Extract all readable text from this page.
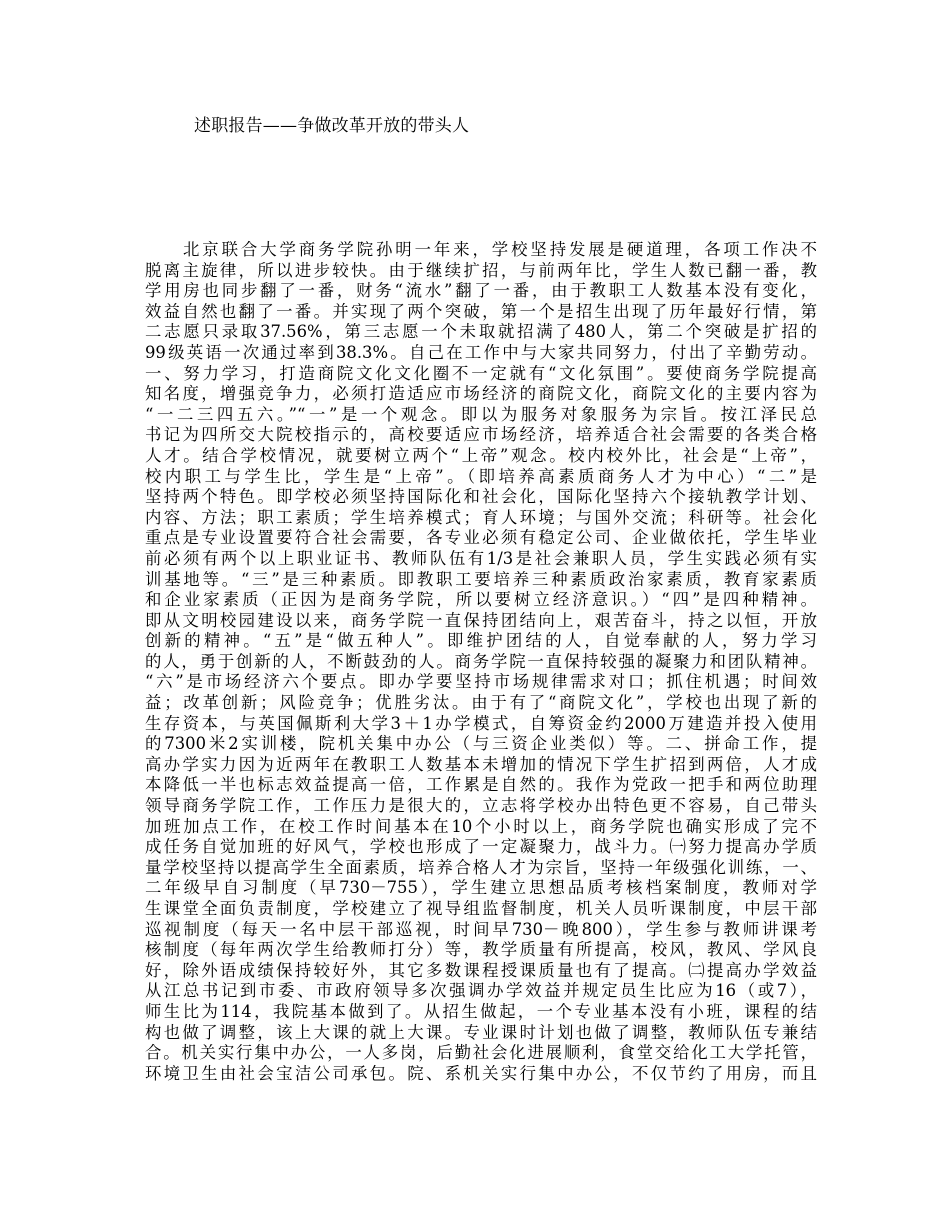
述职报告——争做改革开放的带头人
北京联合大学商务学院孙明一年来，学校坚持发展是硬道理，各项工作决不
脱离主旋律，所以进步较快。由于继续扩招，与前两年比，学生人数已翻一番，教
学用房也同步翻了一番，财务“流水”翻了一番，由于教职工人数基本没有变化，
效益自然也翻了一番。并实现了两个突破，第一个是招生出现了历年最好行情，第
二志愿只录取37.56%，第三志愿一个未取就招满了480人，第二个突破是扩招的
99级英语一次通过率到38.3%。自己在工作中与大家共同努力，付出了辛勤劳动。
一、努力学习，打造商院文化文化圈不一定就有“文化氛围”。要使商务学院提高
知名度，增强竞争力，必须打造适应市场经济的商院文化，商院文化的主要内容为
“一二三四五六。”“一”是一个观念。即以为服务对象服务为宗旨。按江泽民总
书记为四所交大院校指示的，高校要适应市场经济，培养适合社会需要的各类合格
人才。结合学校情况，就要树立两个“上帝”观念。校内校外比，社会是“上帝”，
校内职工与学生比，学生是“上帝”。（即培养高素质商务人才为中心）“二”是
坚持两个特色。即学校必须坚持国际化和社会化，国际化坚持六个接轨教学计划、
内容、方法；职工素质；学生培养模式；育人环境；与国外交流；科研等。社会化
重点是专业设置要符合社会需要，各专业必须有稳定公司、企业做依托，学生毕业
前必须有两个以上职业证书、教师队伍有1/3是社会兼职人员，学生实践必须有实
训基地等。“三”是三种素质。即教职工要培养三种素质政治家素质，教育家素质
和企业家素质（正因为是商务学院，所以要树立经济意识。）“四”是四种精神。
即从文明校园建设以来，商务学院一直保持团结向上，艰苦奋斗，持之以恒，开放
创新的精神。“五”是“做五种人”。即维护团结的人，自觉奉献的人，努力学习
的人，勇于创新的人，不断鼓劲的人。商务学院一直保持较强的凝聚力和团队精神。
“六”是市场经济六个要点。即办学要坚持市场规律需求对口；抓住机遇；时间效
益；改革创新；风险竞争；优胜劣汰。由于有了“商院文化”，学校也出现了新的
生存资本，与英国佩斯利大学3＋1办学模式，自筹资金约2000万建造并投入使用
的7300米2实训楼，院机关集中办公（与三资企业类似）等。二、拼命工作，提
高办学实力因为近两年在教职工人数基本未增加的情况下学生扩招到两倍，人才成
本降低一半也标志效益提高一倍，工作累是自然的。我作为党政一把手和两位助理
领导商务学院工作，工作压力是很大的，立志将学校办出特色更不容易，自己带头
加班加点工作，在校工作时间基本在10个小时以上，商务学院也确实形成了完不
成任务自觉加班的好风气，学校也形成了一定凝聚力，战斗力。㈠努力提高办学质
量学校坚持以提高学生全面素质，培养合格人才为宗旨，坚持一年级强化训练，一、
二年级早自习制度（早730－755），学生建立思想品质考核档案制度，教师对学
生课堂全面负责制度，学校建立了视导组监督制度，机关人员听课制度，中层干部
巡视制度（每天一名中层干部巡视，时间早730－晚800），学生参与教师讲课考
核制度（每年两次学生给教师打分）等，教学质量有所提高，校风，教风、学风良
好，除外语成绩保持较好外，其它多数课程授课质量也有了提高。㈡提高办学效益
从江总书记到市委、市政府领导多次强调办学效益并规定员生比应为16（或7），
师生比为114，我院基本做到了。从招生做起，一个专业基本没有小班，课程的结
构也做了调整，该上大课的就上大课。专业课时计划也做了调整，教师队伍专兼结
合。机关实行集中办公，一人多岗，后勤社会化进展顺利，食堂交给化工大学托管，
环境卫生由社会宝洁公司承包。院、系机关实行集中办公，不仅节约了用房，而且
